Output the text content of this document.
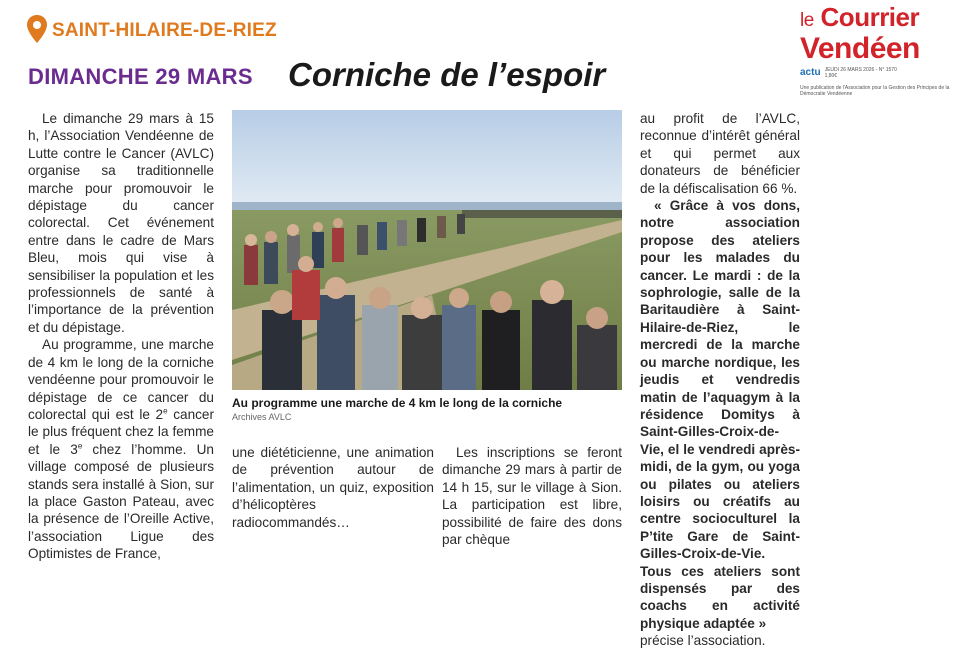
SAINT-HILAIRE-DE-RIEZ	le Courrier
Vendéen
actu JEUDI 26 MARS 2026 - N° 1570
1,80€
Une publication de l'Association pour la Gestion des Principes de la Démocratie Vendéenne
DIMANCHE 29 MARS Corniche de l’espoir

Le dimanche 29 mars à 15 h, l’Association Vendéenne de Lutte contre le Cancer (AVLC) organise sa traditionnelle marche pour promouvoir le dépistage du cancer colorectal. Cet événement entre dans le cadre de Mars Bleu, mois qui vise à sensibiliser la population et les professionnels de santé à l’importance de la prévention et du dépistage.

Au programme, une marche de 4 km le long de la corniche vendéenne pour promouvoir le dépistage de ce cancer du colorectal qui est le 2e cancer le plus fréquent chez la femme et le 3e chez l’homme. Un village composé de plusieurs stands sera installé à Sion, sur la place Gaston Pateau, avec la présence de l’Oreille Active, l’association Ligue des Optimistes de France,

Au programme une marche de 4 km le long de la corniche
Archives AVLC

une diététicienne, une animation de prévention autour de l’alimentation, un quiz, exposition d’hélicoptères radiocommandés…

Les inscriptions se feront dimanche 29 mars à partir de 14 h 15, sur le village à Sion. La participation est libre, possibilité de faire des dons par chèque

au profit de l’AVLC, reconnue d’intérêt général et qui permet aux donateurs de bénéficier de la défiscalisation 66 %.

« Grâce à vos dons, notre association propose des ateliers pour les malades du cancer. Le mardi : de la sophrologie, salle de la Baritaudière à Saint-Hilaire-de-Riez, le mercredi de la marche ou marche nordique, les jeudis et vendredis matin de l’aquagym à la résidence Domitys à Saint-Gilles-Croix-de-Vie, el le vendredi après-midi, de la gym, ou yoga ou pilates ou ateliers loisirs ou créatifs au centre socioculturel la P’tite Gare de Saint-Gilles-Croix-de-Vie. Tous ces ateliers sont dispensés par des coachs en activité physique adaptée »

précise l’association.
